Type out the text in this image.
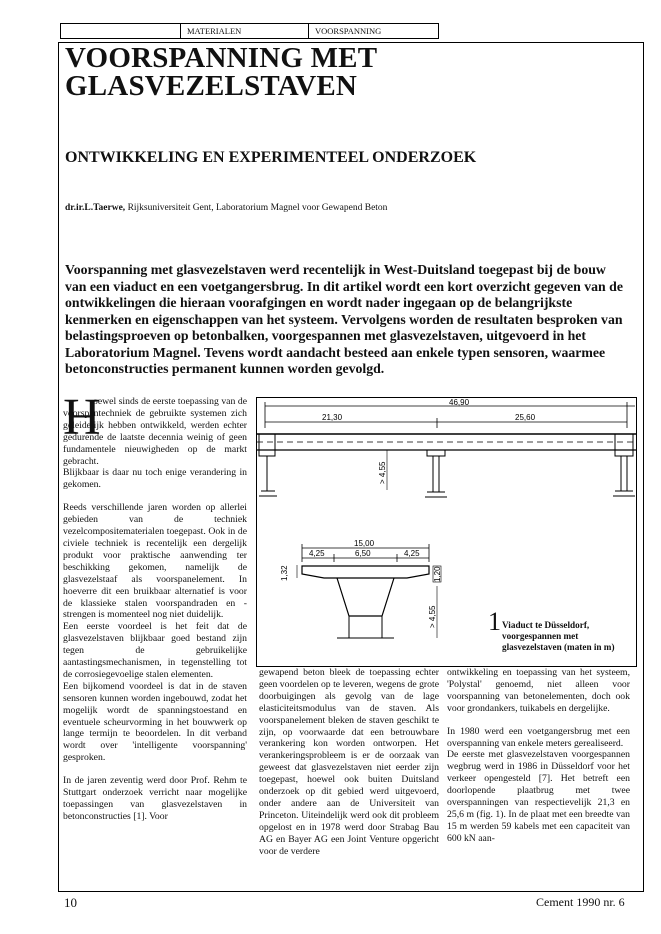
MATERIALEN	VOORSPANNING
VOORSPANNING MET
GLASVEZELSTAVEN
ONTWIKKELING EN EXPERIMENTEEL ONDERZOEK
dr.ir.L.Taerwe, Rijksuniversiteit Gent, Laboratorium Magnel voor Gewapend Beton
Voorspanning met glasvezelstaven werd recentelijk in West-Duitsland toegepast bij de bouw van een viaduct en een voetgangersbrug. In dit artikel wordt een kort overzicht gegeven van de ontwikkelingen die hieraan voorafgingen en wordt nader ingegaan op de belangrijkste kenmerken en eigenschappen van het systeem. Vervolgens worden de resultaten besproken van belastingsproeven op betonbalken, voorgespannen met glasvezelstaven, uitgevoerd in het Laboratorium Magnel. Tevens wordt aandacht besteed aan enkele typen sensoren, waarmee betonconstructies permanent kunnen worden gevolgd.
H

oewel sinds de eerste toepassing van de voorspantechniek de gebruikte systemen zich geleidelijk hebben ontwikkeld, werden echter gedurende de laatste decennia weinig of geen fundamentele nieuwigheden op de markt gebracht.

Blijkbaar is daar nu toch enige verandering in gekomen.

Reeds verschillende jaren worden op allerlei gebieden van de techniek vezelcompositematerialen toegepast. Ook in de civiele techniek is recentelijk een dergelijk produkt voor praktische aanwending ter beschikking gekomen, namelijk de glasvezelstaaf als voorspanelement. In hoeverre dit een bruikbaar alternatief is voor de klassieke stalen voorspandraden en -strengen is momenteel nog niet duidelijk.

Een eerste voordeel is het feit dat de glasvezelstaven blijkbaar goed bestand zijn tegen de gebruikelijke aantastingsmechanismen, in tegenstelling tot de corrosiegevoelige stalen elementen.

Een bijkomend voordeel is dat in de staven sensoren kunnen worden ingebouwd, zodat het mogelijk wordt de spanningstoestand en eventuele scheurvorming in het bouwwerk op lange termijn te beoordelen. In dit verband wordt over 'intelligente voorspanning' gesproken.

In de jaren zeventig werd door Prof. Rehm te Stuttgart onderzoek verricht naar mogelijke toepassingen van glasvezelstaven in betonconstructies [1]. Voor

46,90
21,30	25,60
> 4,55
15,00
4,25	6,50	4,25
1,32	1,20
> 4,55 1 Viaduct te Düsseldorf, voorgespannen met glasvezelstaven (maten in m)

gewapend beton bleek de toepassing echter geen voordelen op te leveren, wegens de grote doorbuigingen als gevolg van de lage elasticiteitsmodulus van de staven. Als voorspanelement bleken de staven geschikt te zijn, op voorwaarde dat een betrouwbare verankering kon worden ontworpen. Het verankeringsprobleem is er de oorzaak van geweest dat glasvezelstaven niet eerder zijn toegepast, hoewel ook buiten Duitsland onderzoek op dit gebied werd uitgevoerd, onder andere aan de Universiteit van Princeton. Uiteindelijk werd ook dit probleem opgelost en in 1978 werd door Strabag Bau AG en Bayer AG een Joint Venture opgericht voor de verdere

ontwikkeling en toepassing van het systeem, 'Polystal' genoemd, niet alleen voor voorspanning van betonelementen, doch ook voor grondankers, tuikabels en dergelijke.

In 1980 werd een voetgangersbrug met een overspanning van enkele meters gerealiseerd.

De eerste met glasvezelstaven voorgespannen wegbrug werd in 1986 in Düsseldorf voor het verkeer opengesteld [7]. Het betreft een doorlopende plaatbrug met twee overspanningen van respectievelijk 21,3 en 25,6 m (fig. 1). In de plaat met een breedte van 15 m werden 59 kabels met een capaciteit van 600 kN aan-

10	Cement 1990 nr. 6
